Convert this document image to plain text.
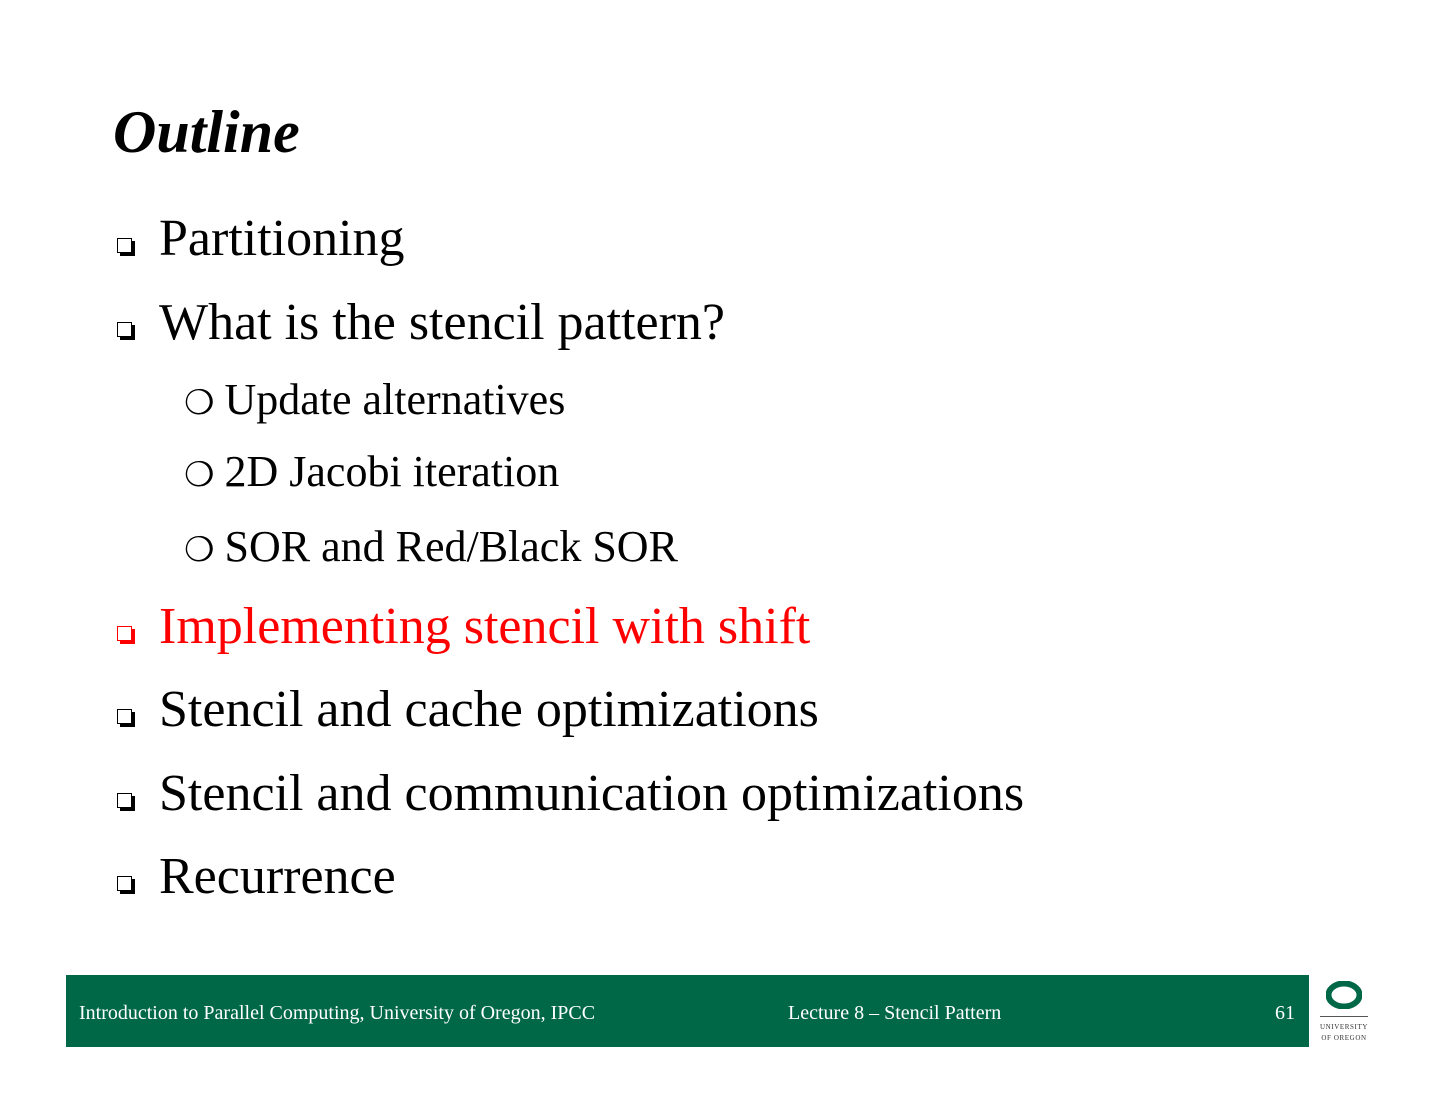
Outline
Partitioning
What is the stencil pattern?
❍ Update alternatives
❍ 2D Jacobi iteration
❍ SOR and Red/Black SOR
Implementing stencil with shift
Stencil and cache optimizations
Stencil and communication optimizations
Recurrence
Introduction to Parallel Computing, University of Oregon, IPCC	Lecture 8 – Stencil Pattern	61
UNIVERSITY
OF OREGON
